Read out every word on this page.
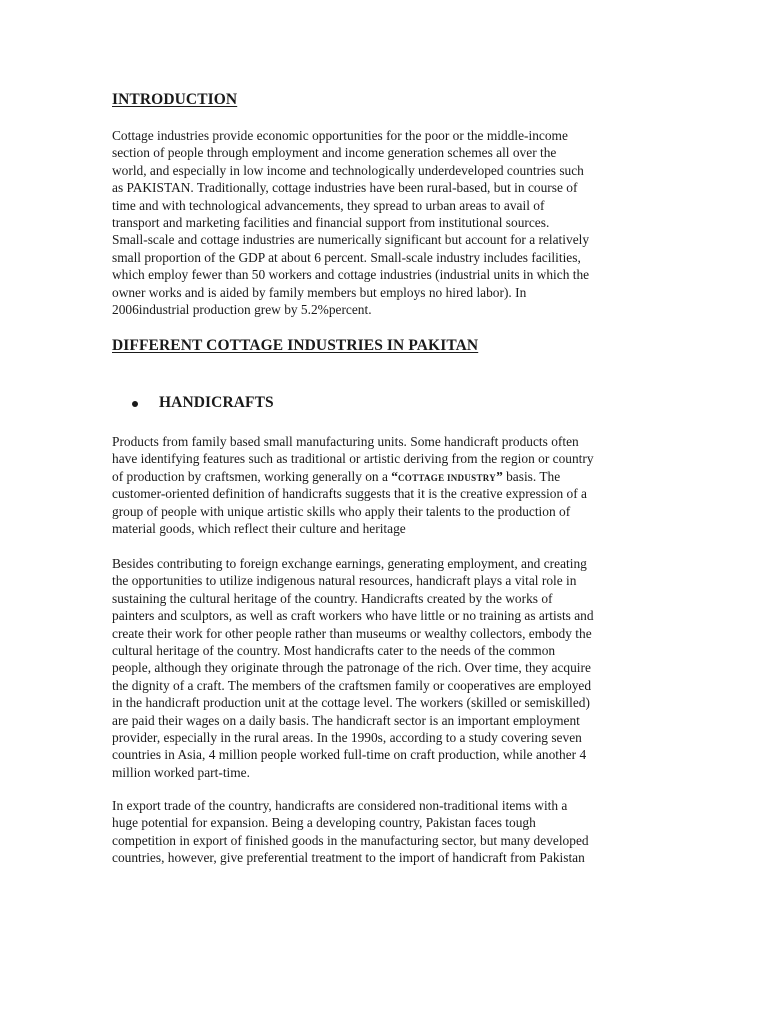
INTRODUCTION
Cottage industries provide economic opportunities for the poor or the middle-income
section of people through employment and income generation schemes all over the
world, and especially in low income and technologically underdeveloped countries such
as PAKISTAN. Traditionally, cottage industries have been rural-based, but in course of
time and with technological advancements, they spread to urban areas to avail of
transport and marketing facilities and financial support from institutional sources.
Small-scale and cottage industries are numerically significant but account for a relatively
small proportion of the GDP at about 6 percent. Small-scale industry includes facilities,
which employ fewer than 50 workers and cottage industries (industrial units in which the
owner works and is aided by family members but employs no hired labor). In
2006industrial production grew by 5.2%percent.
DIFFERENT COTTAGE INDUSTRIES IN PAKITAN
HANDICRAFTS
Products from family based small manufacturing units. Some handicraft products often
have identifying features such as traditional or artistic deriving from the region or country
of production by craftsmen, working generally on a “COTTAGE INDUSTRY” basis. The
customer-oriented definition of handicrafts suggests that it is the creative expression of a
group of people with unique artistic skills who apply their talents to the production of
material goods, which reflect their culture and heritage
Besides contributing to foreign exchange earnings, generating employment, and creating
the opportunities to utilize indigenous natural resources, handicraft plays a vital role in
sustaining the cultural heritage of the country. Handicrafts created by the works of
painters and sculptors, as well as craft workers who have little or no training as artists and
create their work for other people rather than museums or wealthy collectors, embody the
cultural heritage of the country. Most handicrafts cater to the needs of the common
people, although they originate through the patronage of the rich. Over time, they acquire
the dignity of a craft. The members of the craftsmen family or cooperatives are employed
in the handicraft production unit at the cottage level. The workers (skilled or semiskilled)
are paid their wages on a daily basis. The handicraft sector is an important employment
provider, especially in the rural areas. In the 1990s, according to a study covering seven
countries in Asia, 4 million people worked full-time on craft production, while another 4
million worked part-time.
In export trade of the country, handicrafts are considered non-traditional items with a
huge potential for expansion. Being a developing country, Pakistan faces tough
competition in export of finished goods in the manufacturing sector, but many developed
countries, however, give preferential treatment to the import of handicraft from Pakistan
